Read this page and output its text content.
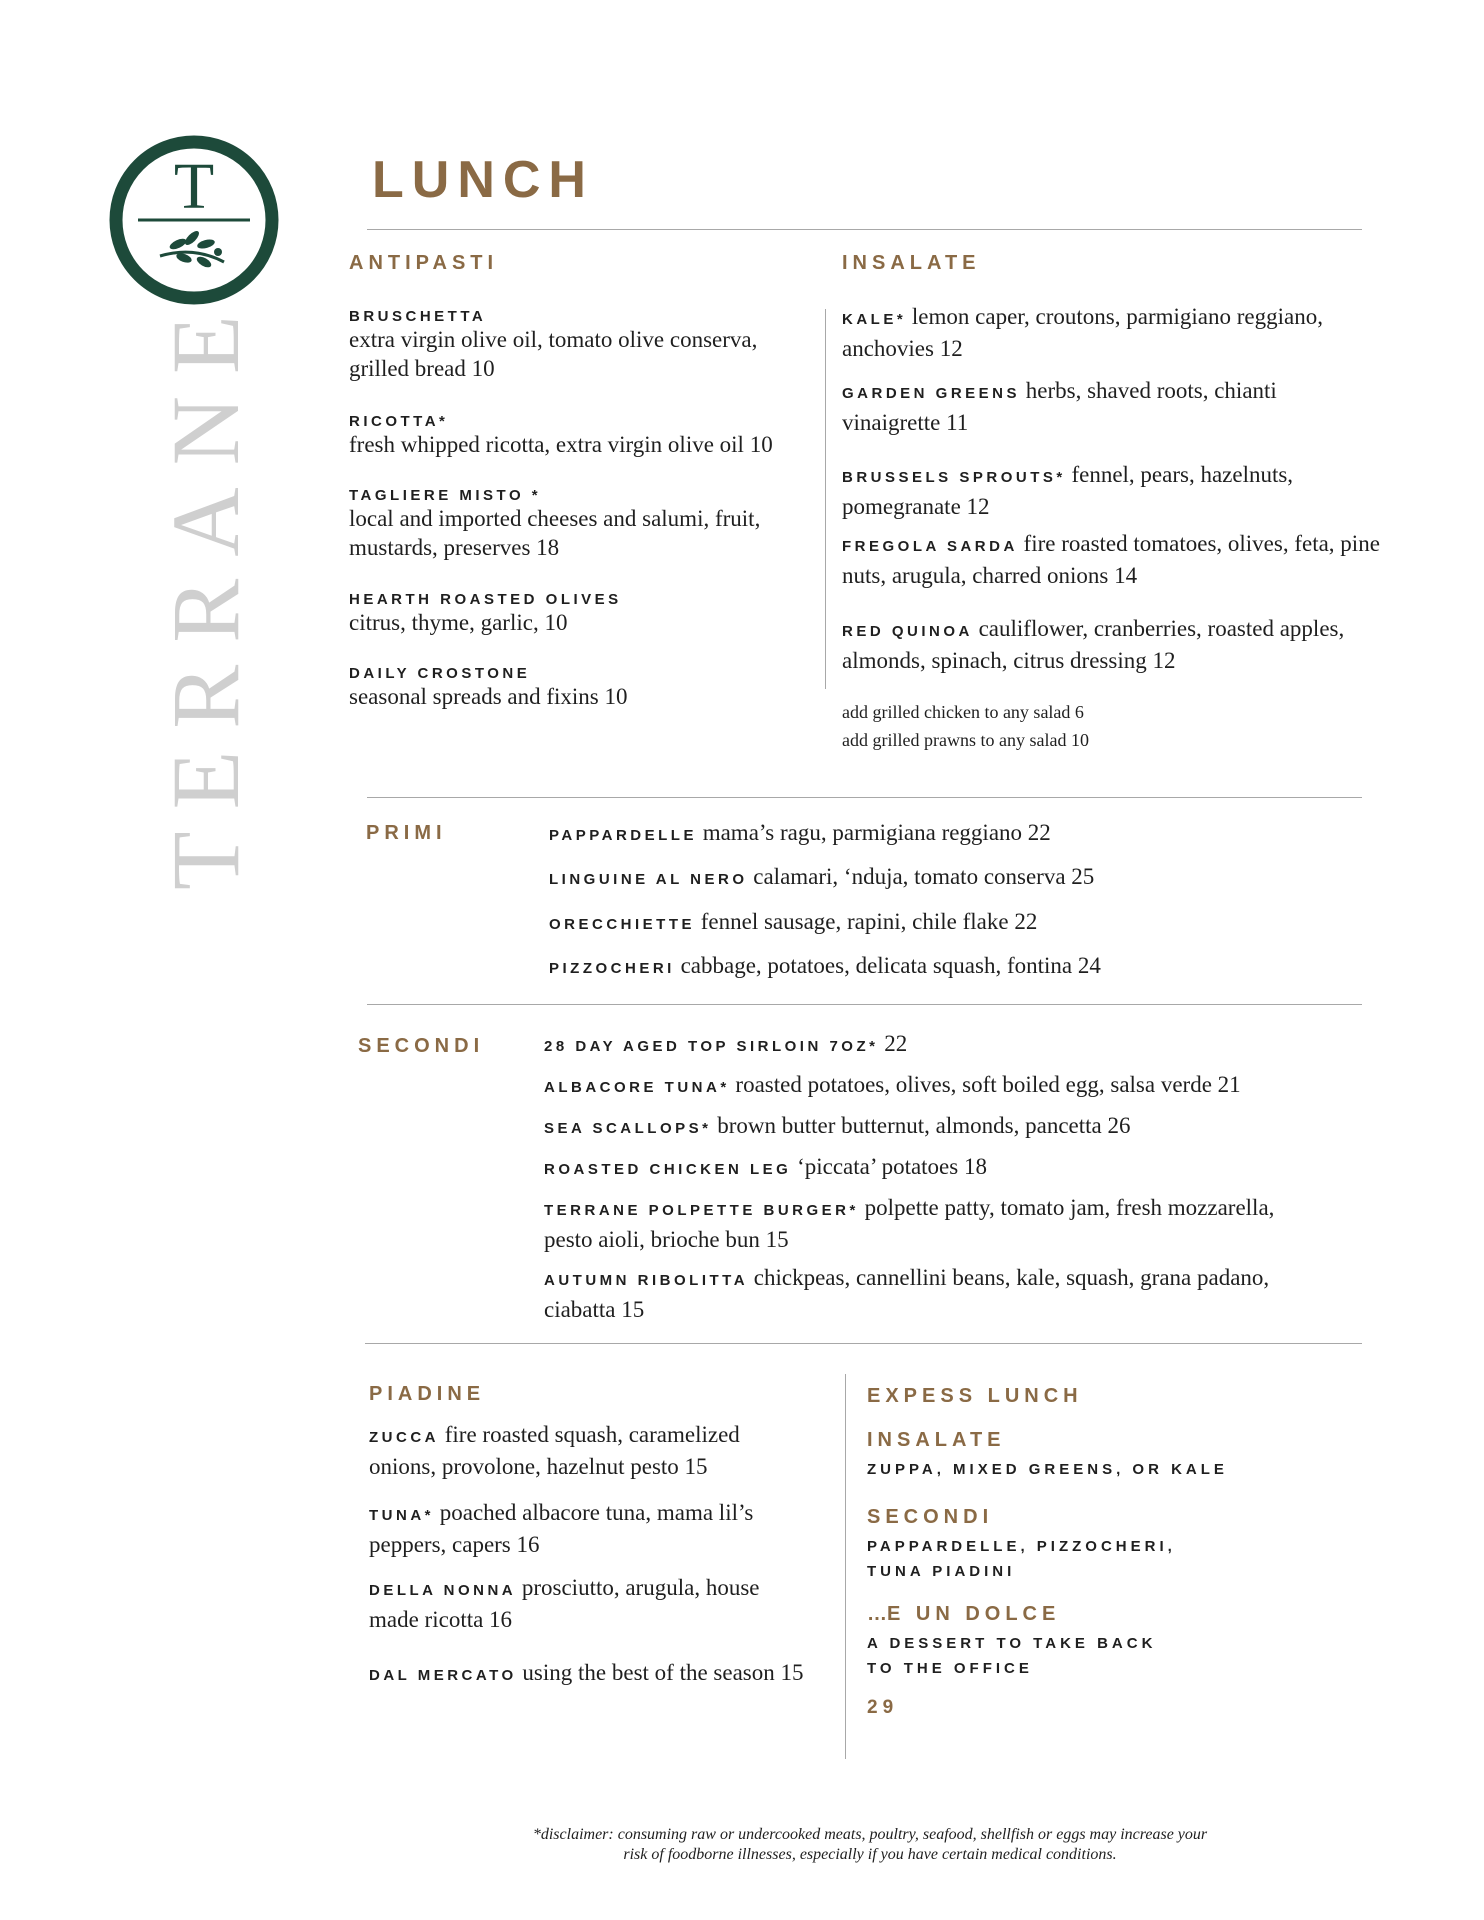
T
TERRANE
LUNCH
ANTIPASTI
BRUSCHETTA
extra virgin olive oil, tomato olive conserva, grilled bread 10
RICOTTA*
fresh whipped ricotta, extra virgin olive oil 10
TAGLIERE MISTO *
local and imported cheeses and salumi, fruit, mustards, preserves 18
HEARTH ROASTED OLIVES
citrus, thyme, garlic, 10
DAILY CROSTONE
seasonal spreads and fixins 10
INSALATE
KALE* lemon caper, croutons, parmigiano reggiano, anchovies 12
GARDEN GREENS herbs, shaved roots, chianti vinaigrette 11
BRUSSELS SPROUTS* fennel, pears, hazelnuts, pomegranate 12
FREGOLA SARDA fire roasted tomatoes, olives, feta, pine nuts, arugula, charred onions 14
RED QUINOA cauliflower, cranberries, roasted apples, almonds, spinach, citrus dressing 12
add grilled chicken to any salad 6
add grilled prawns to any salad 10
PRIMI	PAPPARDELLE mama’s ragu, parmigiana reggiano 22
LINGUINE AL NERO calamari, ‘nduja, tomato conserva 25
ORECCHIETTE fennel sausage, rapini, chile flake 22
PIZZOCHERI cabbage, potatoes, delicata squash, fontina 24
SECONDI	28 DAY AGED TOP SIRLOIN 7OZ* 22
ALBACORE TUNA* roasted potatoes, olives, soft boiled egg, salsa verde 21
SEA SCALLOPS* brown butter butternut, almonds, pancetta 26
ROASTED CHICKEN LEG ‘piccata’ potatoes 18
TERRANE POLPETTE BURGER* polpette patty, tomato jam, fresh mozzarella, pesto aioli, brioche bun 15
AUTUMN RIBOLITTA chickpeas, cannellini beans, kale, squash, grana padano, ciabatta 15
PIADINE
ZUCCA fire roasted squash, caramelized onions, provolone, hazelnut pesto 15
TUNA* poached albacore tuna, mama lil’s peppers, capers 16
DELLA NONNA prosciutto, arugula, house made ricotta 16
DAL MERCATO using the best of the season 15
EXPESS LUNCH
INSALATE
ZUPPA, MIXED GREENS, OR KALE
SECONDI
PAPPARDELLE, PIZZOCHERI,
TUNA PIADINI
…E UN DOLCE
A DESSERT TO TAKE BACK
TO THE OFFICE
29
*disclaimer: consuming raw or undercooked meats, poultry, seafood, shellfish or eggs may increase your
risk of foodborne illnesses, especially if you have certain medical conditions.
